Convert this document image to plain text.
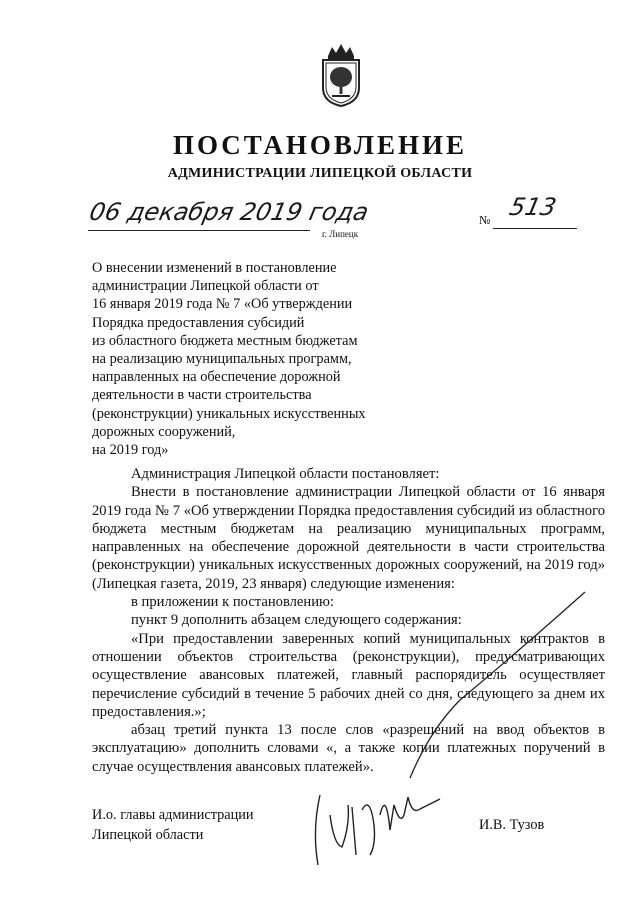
ПОСТАНОВЛЕНИЕ
АДМИНИСТРАЦИИ ЛИПЕЦКОЙ ОБЛАСТИ
06 декабря 2019 года
г. Липецк
№ 513
О внесении изменений в постановление
администрации Липецкой области от
16 января 2019 года № 7 «Об утверждении
Порядка предоставления субсидий
из областного бюджета местным бюджетам
на реализацию муниципальных программ,
направленных на обеспечение дорожной
деятельности в части строительства
(реконструкции) уникальных искусственных
дорожных сооружений,
на 2019 год»

Администрация Липецкой области постановляет:

Внести в постановление администрации Липецкой области от 16 января 2019 года № 7 «Об утверждении Порядка предоставления субсидий из областного бюджета местным бюджетам на реализацию муниципальных программ, направленных на обеспечение дорожной деятельности в части строительства (реконструкции) уникальных искусственных дорожных сооружений, на 2019 год» (Липецкая газета, 2019, 23 января) следующие изменения:

в приложении к постановлению:

пункт 9 дополнить абзацем следующего содержания:

«При предоставлении заверенных копий муниципальных контрактов в отношении объектов строительства (реконструкции), предусматривающих осуществление авансовых платежей, главный распорядитель осуществляет перечисление субсидий в течение 5 рабочих дней со дня, следующего за днем их предоставления.»;

абзац третий пункта 13 после слов «разрешений на ввод объектов в эксплуатацию» дополнить словами «, а также копии платежных поручений в случае осуществления авансовых платежей».

И.о. главы администрации
Липецкой области
И.В. Тузов
